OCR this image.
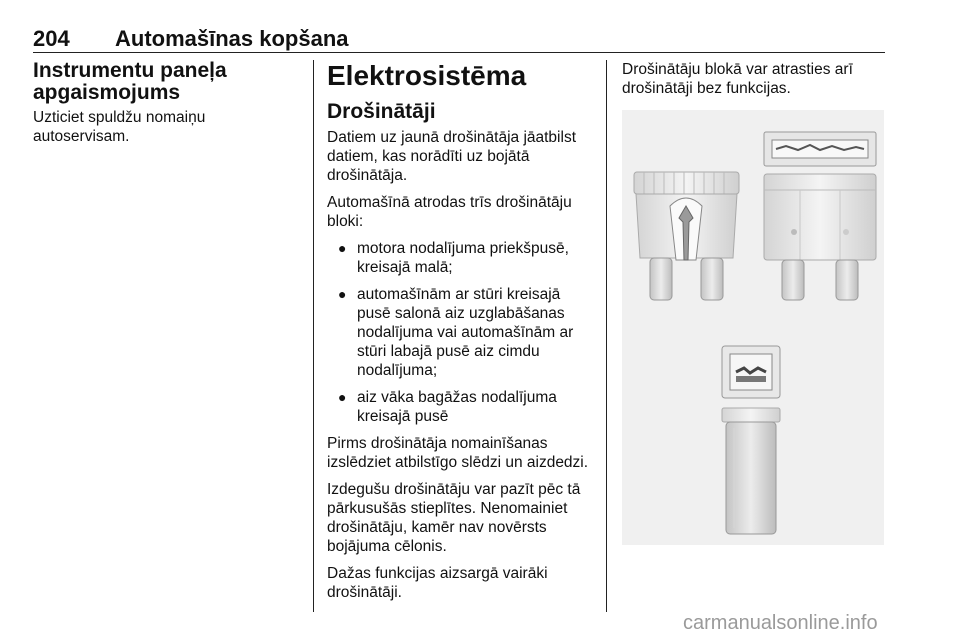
204 Automašīnas kopšana
Instrumentu paneļa apgaismojums

Uzticiet spuldžu nomaiņu autoservisam.

Elektrosistēma
Drošinātāji

Datiem uz jaunā drošinātāja jāatbilst datiem, kas norādīti uz bojātā drošinātāja.

Automašīnā atrodas trīs drošinātāju bloki:

● motora nodalījuma priekšpusē, kreisajā malā;
● automašīnām ar stūri kreisajā pusē salonā aiz uzglabāšanas nodalījuma vai automašīnām ar stūri labajā pusē aiz cimdu nodalījuma;
● aiz vāka bagāžas nodalījuma kreisajā pusē

Pirms drošinātāja nomainīšanas izslēdziet atbilstīgo slēdzi un aizdedzi.

Izdegušu drošinātāju var pazīt pēc tā pārkusušās stieplītes. Nenomainiet drošinātāju, kamēr nav novērsts bojājuma cēlonis.

Dažas funkcijas aizsargā vairāki drošinātāji.

Drošinātāju blokā var atrasties arī drošinātāji bez funkcijas.

carmanualsonline.info
